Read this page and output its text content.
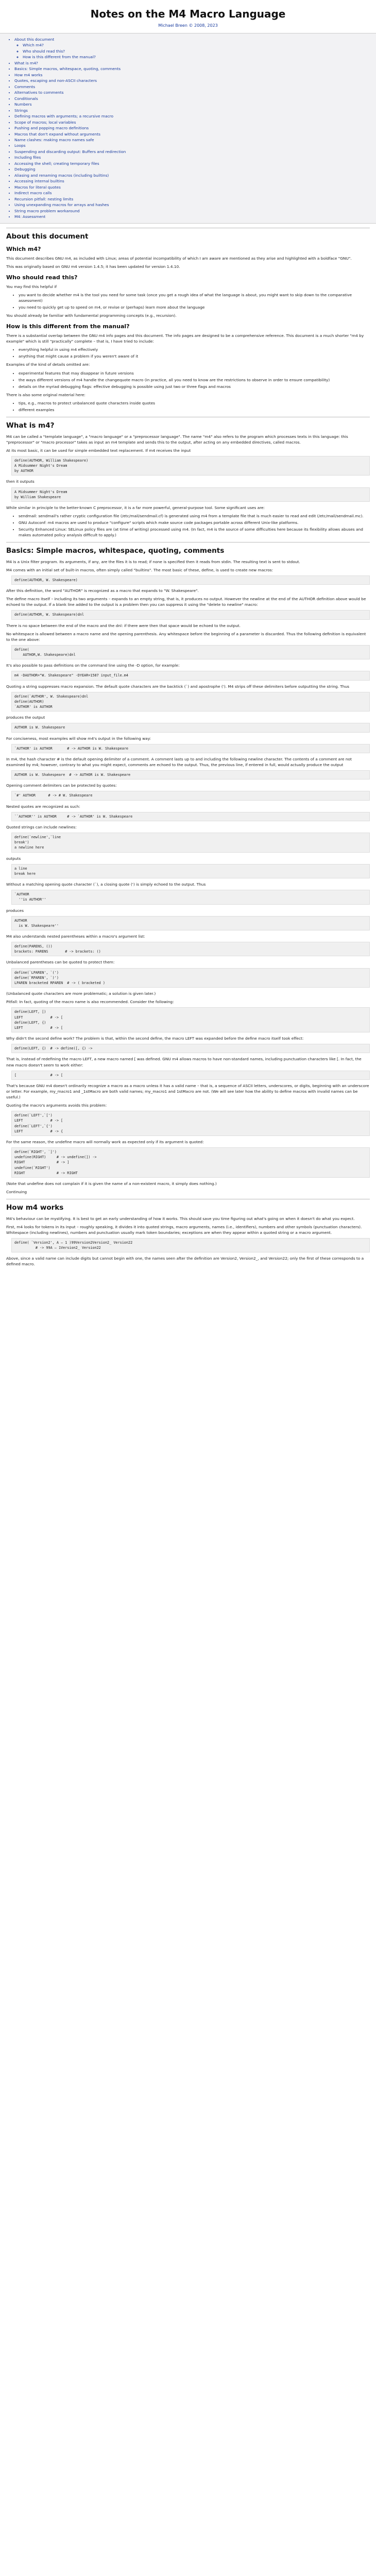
Notes on the M4 Macro Language
Michael Breen © 2008, 2023
• About this document
◦ Which m4?
◦ Who should read this?
◦ How is this different from the manual?
• What is m4?
• Basics: Simple macros, whitespace, quoting, comments
• How m4 works
• Quotes, escaping and non-ASCII characters
• Comments
• Alternatives to comments
• Conditionals
• Numbers
• Strings
• Defining macros with arguments; a recursive macro
• Scope of macros; local variables
• Pushing and popping macro definitions
• Macros that don't expand without arguments
• Name clashes: making macro names safe
• Loops
• Suspending and discarding output: Buffers and redirection
• Including files
• Accessing the shell; creating temporary files
• Debugging
• Aliasing and renaming macros (including builtins)
• Accessing internal builtins
• Macros for literal quotes
• Indirect macro calls
• Recursion pitfall: nesting limits
• Using unexpanding macros for arrays and hashes
• String macro problem workaround
• M4: Assessment
About this document
Which m4?

This document describes GNU m4, as included with Linux; areas of potential incompatibility of which I am aware are mentioned as they arise and highlighted with a boldface "GNU".

This was originally based on GNU m4 version 1.4.5; it has been updated for version 1.4.10.

Who should read this?

You may find this helpful if

• you want to decide whether m4 is the tool you need for some task (once you get a rough idea of what the language is about, you might want to skip down to the comparative assessment)
• you need to quickly get up to speed on m4, or revise or (perhaps) learn more about the language

You should already be familiar with fundamental programming concepts (e.g., recursion).

How is this different from the manual?

There is a substantial overlap between the GNU m4 info pages and this document. The info pages are designed to be a comprehensive reference. This document is a much shorter "m4 by example" which is still "practically" complete – that is, I have tried to include:

• everything helpful in using m4 effectively
• anything that might cause a problem if you weren't aware of it

Examples of the kind of details omitted are:

• experimental features that may disappear in future versions
• the ways different versions of m4 handle the changequote macro (in practice, all you need to know are the restrictions to observe in order to ensure compatibility)
• details on the myriad debugging flags: effective debugging is possible using just two or three flags and macros

There is also some original material here:

• tips, e.g., macros to protect unbalanced quote characters inside quotes
• different examples
What is m4?

M4 can be called a "template language", a "macro language" or a "preprocessor language". The name "m4" also refers to the program which processes texts in this language: this "preprocessor" or "macro processor" takes as input an m4 template and sends this to the output, after acting on any embedded directives, called macros.

At its most basic, it can be used for simple embedded text replacement. If m4 receives the input

define(AUTHOR, William Shakespeare)
A Midsummer Night's Dream
by AUTHOR

then it outputs

A Midsummer Night's Dream
by William Shakespeare

While similar in principle to the better-known C preprocessor, it is a far more powerful, general-purpose tool. Some significant uses are:

• sendmail: sendmail's rather cryptic configuration file (/etc/mail/sendmail.cf) is generated using m4 from a template file that is much easier to read and edit (/etc/mail/sendmail.mc).
• GNU Autoconf: m4 macros are used to produce "configure" scripts which make source code packages portable across different Unix-like platforms.
• Security Enhanced Linux: SELinux policy files are (at time of writing) processed using m4. (In fact, m4 is the source of some difficulties here because its flexibility allows abuses and makes automated policy analysis difficult to apply.)
Basics: Simple macros, whitespace, quoting, comments

M4 is a Unix filter program. Its arguments, if any, are the files it is to read; if none is specified then it reads from stdin. The resulting text is sent to stdout.

M4 comes with an initial set of built-in macros, often simply called "builtins". The most basic of these, define, is used to create new macros:

define(AUTHOR, W. Shakespeare)

After this definition, the word "AUTHOR" is recognized as a macro that expands to "W. Shakespeare".

The define macro itself – including its two arguments – expands to an empty string, that is, it produces no output. However the newline at the end of the AUTHOR definition above would be echoed to the output. If a blank line added to the output is a problem then you can suppress it using the "delete to newline" macro:

define(AUTHOR, W. Shakespeare)dnl

There is no space between the end of the macro and the dnl: if there were then that space would be echoed to the output.

No whitespace is allowed between a macro name and the opening parenthesis. Any whitespace before the beginning of a parameter is discarded. Thus the following definition is equivalent to the one above:

define(
AUTHOR,W. Shakespeare)dnl

It's also possible to pass definitions on the command line using the -D option, for example:

m4 -DAUTHOR="W. Shakespeare" -DYEAR=1587 input_file.m4

Quoting a string suppresses macro expansion. The default quote characters are the backtick (`) and apostrophe ('). M4 strips off these delimiters before outputting the string. Thus

define(`AUTHOR', W. Shakespeare)dnl
define(AUTHOR)
`AUTHOR' is AUTHOR

produces the output

AUTHOR is W. Shakespeare

For conciseness, most examples will show m4's output in the following way:

`AUTHOR' is AUTHOR       # -> AUTHOR is W. Shakespeare

In m4, the hash character # is the default opening delimiter of a comment. A comment lasts up to and including the following newline character. The contents of a comment are not examined by m4; however, contrary to what you might expect, comments are echoed to the output. Thus, the previous line, if entered in full, would actually produce the output

AUTHOR is W. Shakespeare  # -> AUTHOR is W. Shakespeare

Opening comment delimiters can be protected by quotes:

`#' AUTHOR      # -> # W. Shakespeare

Nested quotes are recognized as such:

``AUTHOR'' is AUTHOR     # -> `AUTHOR' is W. Shakespeare

Quoted strings can include newlines:

define(`newline',`line
break')
a newline here

outputs

a line
break here

Without a matching opening quote character (`), a closing quote (') is simply echoed to the output. Thus

`AUTHOR
''is AUTHOR''

produces

AUTHOR
is W. Shakespeare''

M4 also understands nested parentheses within a macro's argument list:

define(PARENS, ())
brackets: PARENS        # -> brackets: ()

Unbalanced parentheses can be quoted to protect them:

define(`LPAREN', `(')
define(`RPAREN', `)')
LPAREN bracketed RPAREN  # -> ( bracketed )

(Unbalanced quote characters are more problematic; a solution is given later.)

Pitfall: In fact, quoting of the macro name is also recommended. Consider the following:

define(LEFT, [)
LEFT             # -> [
define(LEFT, {)
LEFT             # -> [

Why didn't the second define work? The problem is that, within the second define, the macro LEFT was expanded before the define macro itself took effect:

define(LEFT, {)  # -> define([, {) ->

That is, instead of redefining the macro LEFT, a new macro named [ was defined. GNU m4 allows macros to have non-standard names, including punctuation characters like [. In fact, the new macro doesn't seem to work either:

[                # -> [

That's because GNU m4 doesn't ordinarily recognize a macro as a macro unless it has a valid name – that is, a sequence of ASCII letters, underscores, or digits, beginning with an underscore or letter. For example, my_macro1 and _1stMacro are both valid names; my_macro1 and 1stMacro are not. (We will see later how the ability to define macros with invalid names can be useful.)

Quoting the macro's arguments avoids this problem:

define(`LEFT',`[')
LEFT             # -> [
define(`LEFT',`{')
LEFT             # -> {

For the same reason, the undefine macro will normally work as expected only if its argument is quoted:

define(`RIGHT', `]')
undefine(RIGHT)     # -> undefine(]) ->
RIGHT               # -> ]
undefine(`RIGHT')
RIGHT               # -> RIGHT

(Note that undefine does not complain if it is given the name of a non-existent macro, it simply does nothing.)

Continuing

How m4 works

M4's behaviour can be mystifying. It is best to get an early understanding of how it works. This should save you time figuring out what's going on when it doesn't do what you expect.

First, m4 looks for tokens in its input – roughly speaking, it divides it into quoted strings, macro arguments, names (i.e., identifiers), numbers and other symbols (punctuation characters). Whitespace (including newlines), numbers and punctuation usually mark token boundaries; exceptions are when they appear within a quoted string or a macro argument.

define( `Version2', A – 1 )99Version2Version2_ Version22
# -> 99A – 1Version2_ Version22

Above, since a valid name can include digits but cannot begin with one, the names seen after the definition are Version2, Version2_, and Version22; only the first of these corresponds to a defined macro.
